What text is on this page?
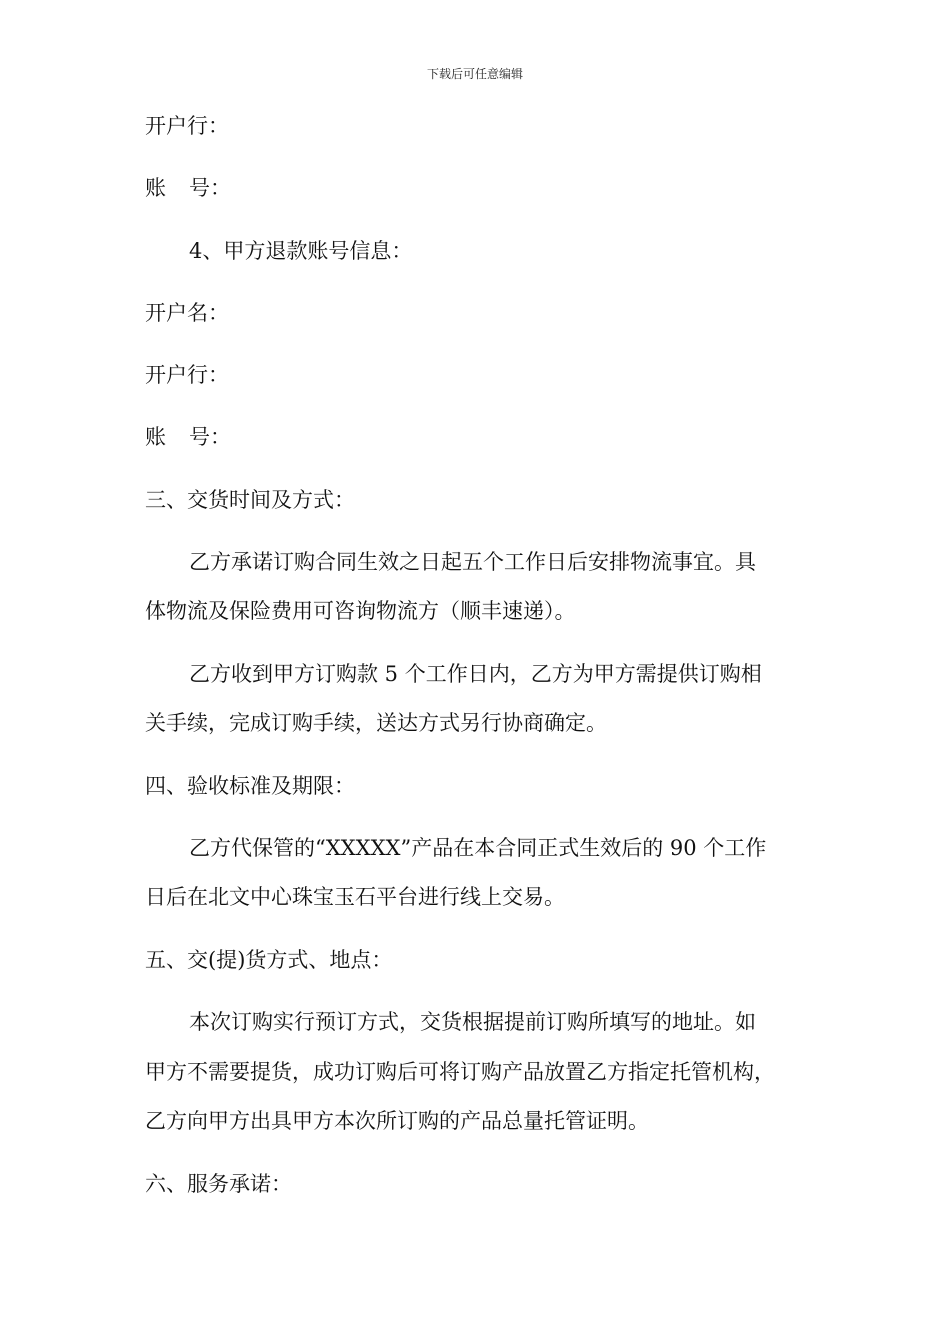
下载后可任意编辑
开户行：
账 号：
4、甲方退款账号信息：
开户名：
开户行：
账 号：
三、交货时间及方式：
乙方承诺订购合同生效之日起五个工作日后安排物流事宜。具
体物流及保险费用可咨询物流方（顺丰速递）。
乙方收到甲方订购款 5 个工作日内，乙方为甲方需提供订购相
关手续，完成订购手续，送达方式另行协商确定。
四、验收标准及期限：
乙方代保管的“XXXXX”产品在本合同正式生效后的 90 个工作
日后在北文中心珠宝玉石平台进行线上交易。
五、交(提)货方式、地点：
本次订购实行预订方式，交货根据提前订购所填写的地址。如
甲方不需要提货，成功订购后可将订购产品放置乙方指定托管机构，
乙方向甲方出具甲方本次所订购的产品总量托管证明。
六、服务承诺：
